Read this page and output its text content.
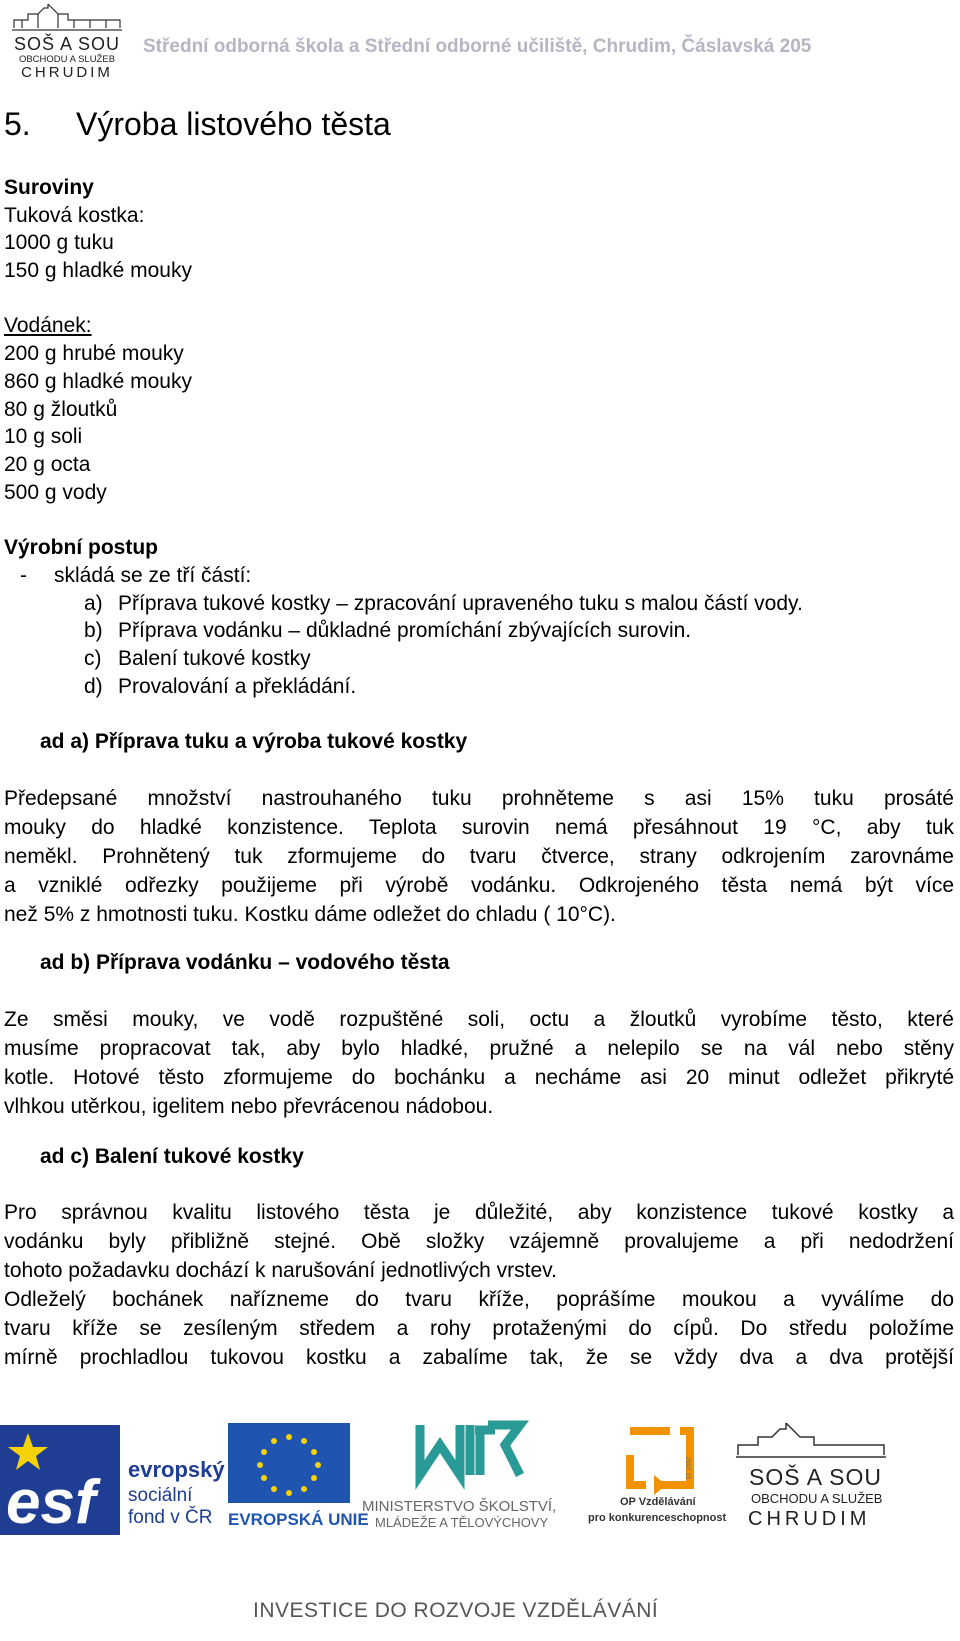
SOŠ A SOU
OBCHODU A SLUŽEB
CHRUDIM
Střední odborná škola a Střední odborné učiliště, Chrudim, Čáslavská 205
5. Výroba listového těsta
Suroviny
Tuková kostka:
1000 g tuku
150 g hladké mouky
Vodánek:
200 g hrubé mouky
860 g hladké mouky
80 g žloutků
10 g soli
20 g octa
500 g vody
Výrobní postup
- skládá se ze tří částí:
a) Příprava tukové kostky – zpracování upraveného tuku s malou částí vody.
b) Příprava vodánku – důkladné promíchání zbývajících surovin.
c) Balení tukové kostky
d) Provalování a překládání.
ad a) Příprava tuku a výroba tukové kostky
Předepsané množství nastrouhaného tuku prohněteme s asi 15% tuku prosáté
mouky do hladké konzistence. Teplota surovin nemá přesáhnout 19 °C, aby tuk
neměkl. Prohnětený tuk zformujeme do tvaru čtverce, strany odkrojením zarovnáme
a vzniklé odřezky použijeme při výrobě vodánku. Odkrojeného těsta nemá být více
než 5% z hmotnosti tuku. Kostku dáme odležet do chladu ( 10°C).
ad b) Příprava vodánku – vodového těsta
Ze směsi mouky, ve vodě rozpuštěné soli, octu a žloutků vyrobíme těsto, které
musíme propracovat tak, aby bylo hladké, pružné a nelepilo se na vál nebo stěny
kotle. Hotové těsto zformujeme do bochánku a necháme asi 20 minut odležet přikryté
vlhkou utěrkou, igelitem nebo převrácenou nádobou.
ad c) Balení tukové kostky
Pro správnou kvalitu listového těsta je důležité, aby konzistence tukové kostky a
vodánku byly přibližně stejné. Obě složky vzájemně provalujeme a při nedodržení
tohoto požadavku dochází k narušování jednotlivých vrstev.
Odleželý bochánek nařízneme do tvaru kříže, poprášíme moukou a vyválíme do
tvaru kříže se zesíleným středem a rohy protaženými do cípů. Do středu položíme
mírně prochladlou tukovou kostku a zabalíme tak, že se vždy dva a dva protější
esf evropský
sociální
fond v ČR EVROPSKÁ UNIE
MINISTERSTVO ŠKOLSTVÍ,
MLÁDEŽE A TĚLOVÝCHOVY
2007-13
OP Vzdělávání
pro konkurenceschopnost
SOŠ A SOU
OBCHODU A SLUŽEB
CHRUDIM
INVESTICE DO ROZVOJE VZDĚLÁVÁNÍ
